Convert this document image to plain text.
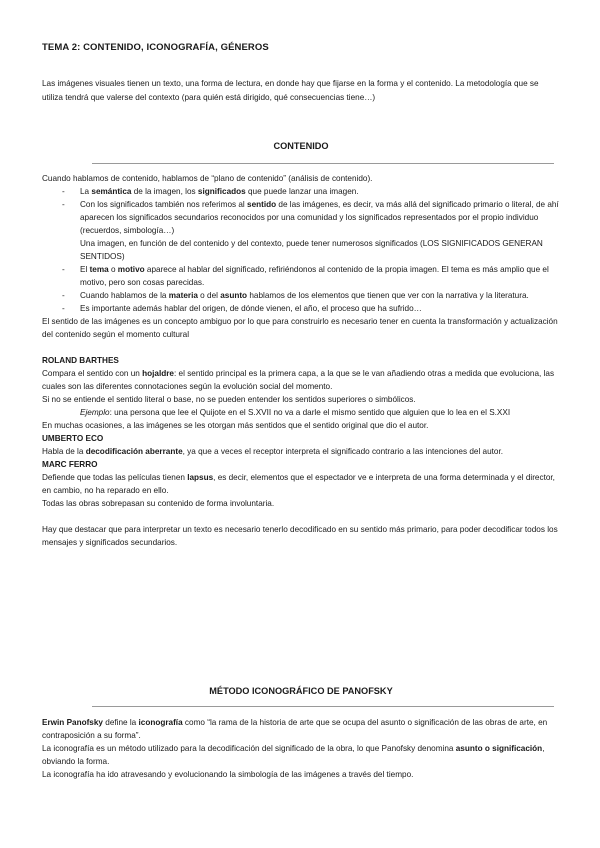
TEMA 2: CONTENIDO, ICONOGRAFÍA, GÉNEROS
Las imágenes visuales tienen un texto, una forma de lectura, en donde hay que fijarse en la forma y el contenido. La metodología que se utiliza tendrá que valerse del contexto (para quién está dirigido, qué consecuencias tiene…)
CONTENIDO

Cuando hablamos de contenido, hablamos de “plano de contenido” (análisis de contenido).

- La semántica de la imagen, los significados que puede lanzar una imagen.
- Con los significados también nos referimos al sentido de las imágenes, es decir, va más allá del significado primario o literal, de ahí aparecen los significados secundarios reconocidos por una comunidad y los significados representados por el propio individuo (recuerdos, simbología…)
Una imagen, en función de del contenido y del contexto, puede tener numerosos significados (LOS SIGNIFICADOS GENERAN SENTIDOS)
- El tema o motivo aparece al hablar del significado, refiriéndonos al contenido de la propia imagen. El tema es más amplio que el motivo, pero son cosas parecidas.
- Cuando hablamos de la materia o del asunto hablamos de los elementos que tienen que ver con la narrativa y la literatura.
- Es importante además hablar del origen, de dónde vienen, el año, el proceso que ha sufrido…

El sentido de las imágenes es un concepto ambiguo por lo que para construirlo es necesario tener en cuenta la transformación y actualización del contenido según el momento cultural

ROLAND BARTHES

Compara el sentido con un hojaldre: el sentido principal es la primera capa, a la que se le van añadiendo otras a medida que evoluciona, las cuales son las diferentes connotaciones según la evolución social del momento.

Si no se entiende el sentido literal o base, no se pueden entender los sentidos superiores o simbólicos.

Ejemplo: una persona que lee el Quijote en el S.XVII no va a darle el mismo sentido que alguien que lo lea en el S.XXI

En muchas ocasiones, a las imágenes se les otorgan más sentidos que el sentido original que dio el autor.

UMBERTO ECO

Habla de la decodificación aberrante, ya que a veces el receptor interpreta el significado contrario a las intenciones del autor.

MARC FERRO

Defiende que todas las películas tienen lapsus, es decir, elementos que el espectador ve e interpreta de una forma determinada y el director, en cambio, no ha reparado en ello.

Todas las obras sobrepasan su contenido de forma involuntaria.

Hay que destacar que para interpretar un texto es necesario tenerlo decodificado en su sentido más primario, para poder decodificar todos los mensajes y significados secundarios.

MÉTODO ICONOGRÁFICO DE PANOFSKY

Erwin Panofsky define la iconografía como “la rama de la historia de arte que se ocupa del asunto o significación de las obras de arte, en contraposición a su forma”.

La iconografía es un método utilizado para la decodificación del significado de la obra, lo que Panofsky denomina asunto o significación, obviando la forma.

La iconografía ha ido atravesando y evolucionando la simbología de las imágenes a través del tiempo.
